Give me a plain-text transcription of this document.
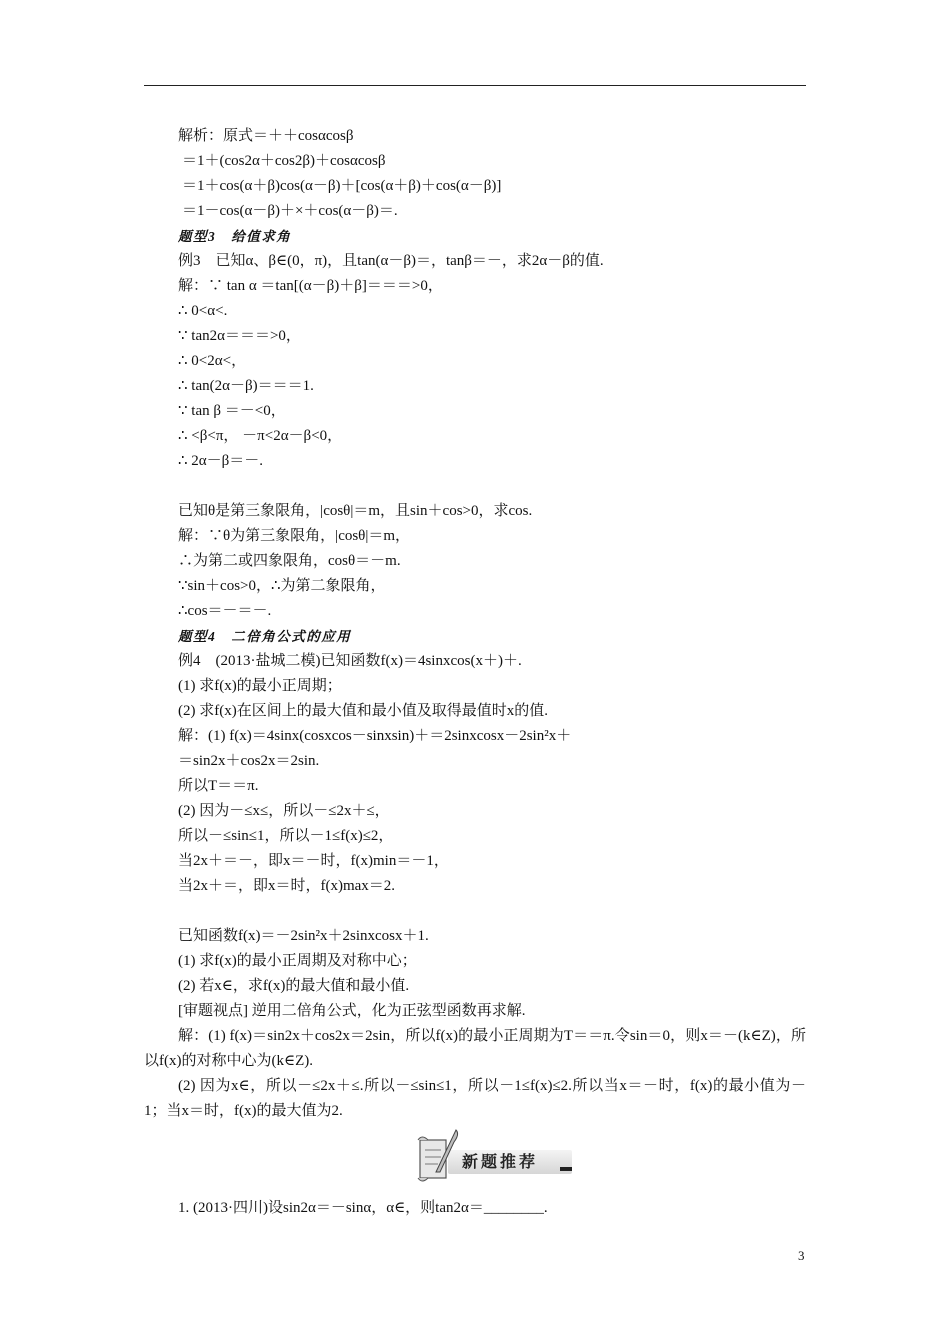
解析：原式＝＋＋cosαcosβ
＝1＋(cos2α＋cos2β)＋cosαcosβ
＝1＋cos(α＋β)cos(α－β)＋[cos(α＋β)＋cos(α－β)]
＝1－cos(α－β)＋×＋cos(α－β)＝.
题型3　给值求角
例3　已知α、β∈(0，π)，且tan(α－β)＝，tanβ＝－，求2α－β的值.
解：∵ tan α ＝tan[(α－β)＋β]＝＝＝>0，
∴ 0<α<.
∵ tan2α＝＝＝>0，
∴ 0<2α<，
∴ tan(2α－β)＝＝＝1.
∵ tan β ＝－<0，
∴ <β<π， －π<2α－β<0，
∴ 2α－β＝－.
已知θ是第三象限角，|cosθ|＝m，且sin＋cos>0，求cos.
解：∵θ为第三象限角，|cosθ|＝m，
∴为第二或四象限角，cosθ＝－m.
∵sin＋cos>0，∴为第二象限角，
∴cos＝－＝－.
题型4　二倍角公式的应用
例4　(2013·盐城二模)已知函数f(x)＝4sinxcos(x＋)＋.
(1) 求f(x)的最小正周期；
(2) 求f(x)在区间上的最大值和最小值及取得最值时x的值.
解：(1) f(x)＝4sinx(cosxcos－sinxsin)＋＝2sinxcosx－2sin²x＋
＝sin2x＋cos2x＝2sin.
所以T＝＝π.
(2) 因为－≤x≤，所以－≤2x＋≤，
所以－≤sin≤1，所以－1≤f(x)≤2，
当2x＋＝－，即x＝－时，f(x)min＝－1，
当2x＋＝，即x＝时，f(x)max＝2.
已知函数f(x)＝－2sin²x＋2sinxcosx＋1.
(1) 求f(x)的最小正周期及对称中心；
(2) 若x∈，求f(x)的最大值和最小值.
[审题视点] 逆用二倍角公式，化为正弦型函数再求解.
解：(1) f(x)＝sin2x＋cos2x＝2sin，所以f(x)的最小正周期为T＝＝π.令sin＝0，则x＝－(k∈Z)，所以f(x)的对称中心为(k∈Z).
(2) 因为x∈，所以－≤2x＋≤.所以－≤sin≤1，所以－1≤f(x)≤2.所以当x＝－时，f(x)的最小值为－1；当x＝时，f(x)的最大值为2.
新题推荐
1. (2013·四川)设sin2α＝－sinα，α∈，则tan2α＝________.
3
